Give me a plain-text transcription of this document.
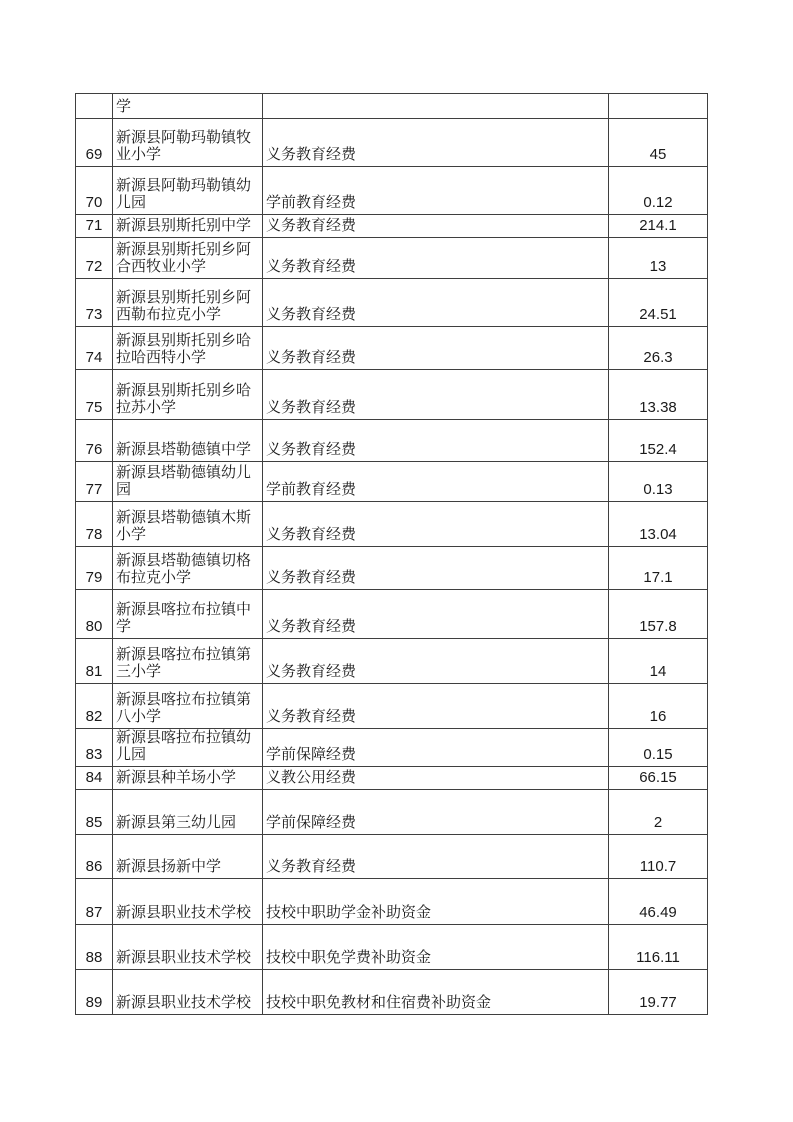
	学		
69	新源县阿勒玛勒镇牧业小学	义务教育经费	45
70	新源县阿勒玛勒镇幼儿园	学前教育经费	0.12
71	新源县别斯托别中学	义务教育经费	214.1
72	新源县别斯托别乡阿合西牧业小学	义务教育经费	13
73	新源县别斯托别乡阿西勒布拉克小学	义务教育经费	24.51
74	新源县别斯托别乡哈拉哈西特小学	义务教育经费	26.3
75	新源县别斯托别乡哈拉苏小学	义务教育经费	13.38
76	新源县塔勒德镇中学	义务教育经费	152.4
77	新源县塔勒德镇幼儿园	学前教育经费	0.13
78	新源县塔勒德镇木斯小学	义务教育经费	13.04
79	新源县塔勒德镇切格布拉克小学	义务教育经费	17.1
80	新源县喀拉布拉镇中学	义务教育经费	157.8
81	新源县喀拉布拉镇第三小学	义务教育经费	14
82	新源县喀拉布拉镇第八小学	义务教育经费	16
83	新源县喀拉布拉镇幼儿园	学前保障经费	0.15
84	新源县种羊场小学	义教公用经费	66.15
85	新源县第三幼儿园	学前保障经费	2
86	新源县扬新中学	义务教育经费	110.7
87	新源县职业技术学校	技校中职助学金补助资金	46.49
88	新源县职业技术学校	技校中职免学费补助资金	116.11
89	新源县职业技术学校	技校中职免教材和住宿费补助资金	19.77
